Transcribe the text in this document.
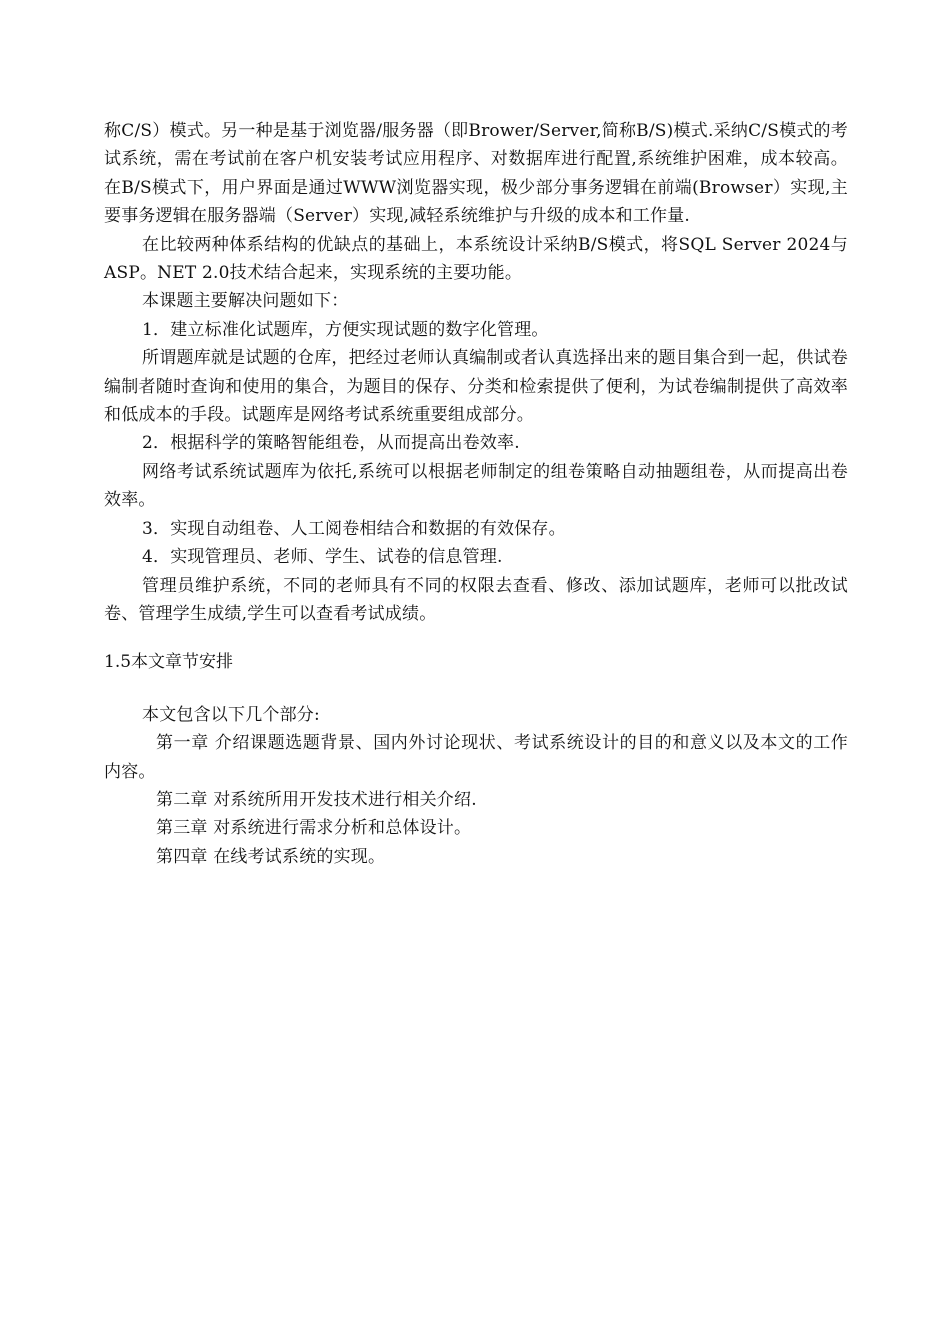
称C/S）模式。另一种是基于浏览器/服务器（即Brower/Server,简称B/S)模式.采纳C/S模式的考试系统，需在考试前在客户机安装考试应用程序、对数据库进行配置,系统维护困难，成本较高。在B/S模式下，用户界面是通过WWW浏览器实现，极少部分事务逻辑在前端(Browser）实现,主要事务逻辑在服务器端（Server）实现,减轻系统维护与升级的成本和工作量.

在比较两种体系结构的优缺点的基础上，本系统设计采纳B/S模式，将SQL Server 2024与ASP。NET 2.0技术结合起来，实现系统的主要功能。

本课题主要解决问题如下：

1．建立标准化试题库，方便实现试题的数字化管理。

所谓题库就是试题的仓库，把经过老师认真编制或者认真选择出来的题目集合到一起，供试卷编制者随时查询和使用的集合，为题目的保存、分类和检索提供了便利，为试卷编制提供了高效率和低成本的手段。试题库是网络考试系统重要组成部分。

2．根据科学的策略智能组卷，从而提高出卷效率.

网络考试系统试题库为依托,系统可以根据老师制定的组卷策略自动抽题组卷，从而提高出卷效率。

3．实现自动组卷、人工阅卷相结合和数据的有效保存。

4．实现管理员、老师、学生、试卷的信息管理.

管理员维护系统，不同的老师具有不同的权限去查看、修改、添加试题库，老师可以批改试卷、管理学生成绩,学生可以查看考试成绩。

1.5本文章节安排

本文包含以下几个部分:

第一章 介绍课题选题背景、国内外讨论现状、考试系统设计的目的和意义以及本文的工作内容。

第二章 对系统所用开发技术进行相关介绍.

第三章 对系统进行需求分析和总体设计。

第四章 在线考试系统的实现。
